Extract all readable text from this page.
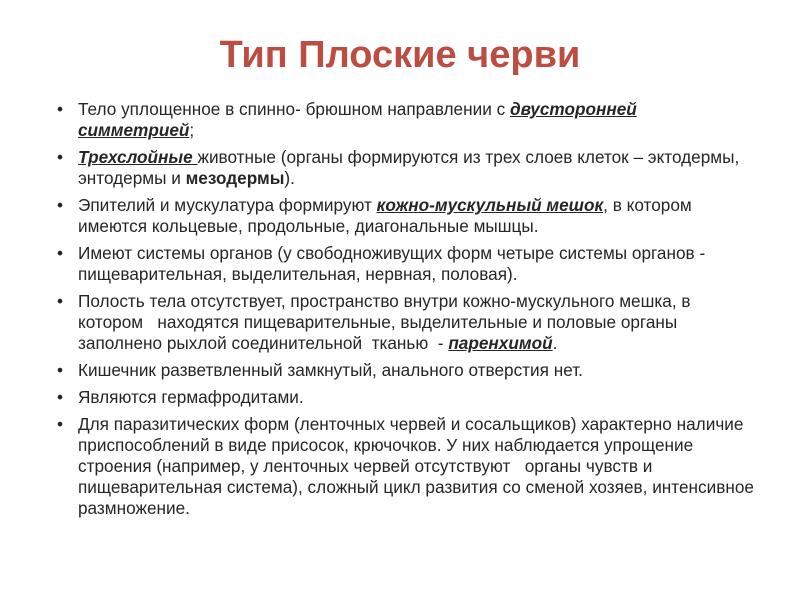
Тип Плоские черви
• Тело уплощенное в спинно- брюшном направлении с двусторонней симметрией;
• Трехслойные животные (органы формируются из трех слоев клеток – эктодермы, энтодермы и мезодермы).
• Эпителий и мускулатура формируют кожно-мускульный мешок, в котором имеются кольцевые, продольные, диагональные мышцы.
• Имеют системы органов (у свободноживущих форм четыре системы органов -     пищеварительная, выделительная, нервная, половая).
• Полость тела отсутствует, пространство внутри кожно-мускульного мешка, в котором   находятся пищеварительные, выделительные и половые органы заполнено рыхлой соединительной  тканью  - паренхимой.
• Кишечник разветвленный замкнутый, анального отверстия нет.
• Являются гермафродитами.
• Для паразитических форм (ленточных червей и сосальщиков) характерно наличие  приспособлений в виде присосок, крючочков. У них наблюдается упрощение строения (например, у ленточных червей отсутствуют   органы чувств и пищеварительная система), сложный цикл развития со сменой хозяев, интенсивное размножение.
